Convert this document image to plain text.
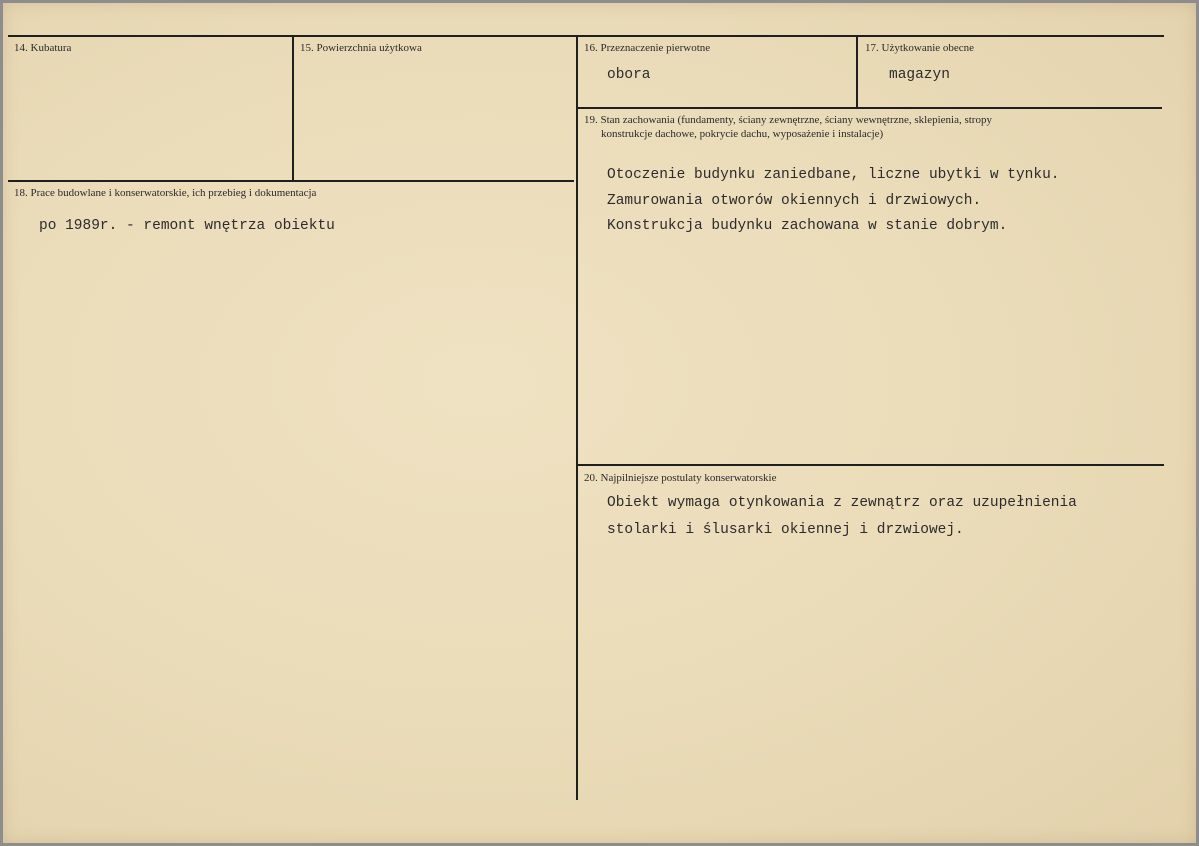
14. Kubatura	15. Powierzchnia użytkowa	16. Przeznaczenie pierwotne
obora
17. Użytkowanie obecne
magazyn
18. Prace budowlane i konserwatorskie, ich przebieg i dokumentacja
po 1989r. - remont wnętrza obiektu
19. Stan zachowania (fundamenty, ściany zewnętrzne, ściany wewnętrzne, sklepienia, stropy
konstrukcje dachowe, pokrycie dachu, wyposażenie i instalacje)
Otoczenie budynku zaniedbane, liczne ubytki w tynku.
Zamurowania otworów okiennych i drzwiowych.
Konstrukcja budynku zachowana w stanie dobrym.
20. Najpilniejsze postulaty konserwatorskie
Obiekt wymaga otynkowania z zewnątrz oraz uzupełnienia
stolarki i ślusarki okiennej i drzwiowej.
